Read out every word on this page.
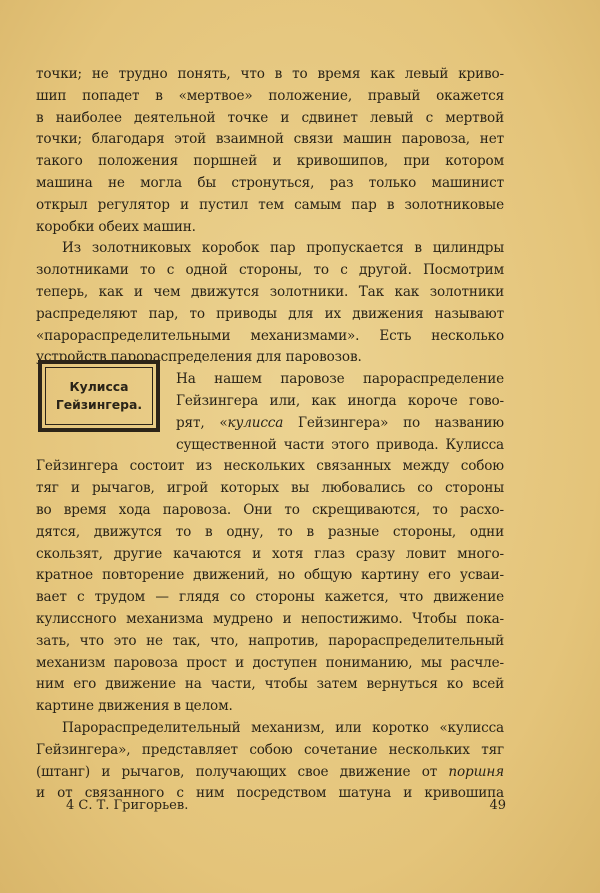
точки; не трудно понять, что в то время как левый криво-
шип попадет в «мертвое» положение, правый окажется
в наиболее деятельной точке и сдвинет левый с мертвой
точки; благодаря этой взаимной связи машин паровоза, нет
такого положения поршней и кривошипов, при котором
машина не могла бы стронуться, раз только машинист
открыл регулятор и пустил тем самым пар в золотниковые
коробки обеих машин.
Из золотниковых коробок пар пропускается в цилиндры
золотниками то с одной стороны, то с другой. Посмотрим
теперь, как и чем движутся золотники. Так как золотники
распределяют пар, то приводы для их движения называют
«парораспределительными механизмами». Есть несколько
устройств парораспределения для паровозов.
Кулисса
Гейзингера.
На нашем паровозе парораспределение
Гейзингера или, как иногда короче гово-
рят, «кулисса Гейзингера» по названию
существенной части этого привода. Кулисса
Гейзингера состоит из нескольких связанных между собою
тяг и рычагов, игрой которых вы любовались со стороны
во время хода паровоза. Они то скрещиваются, то расхо-
дятся, движутся то в одну, то в разные стороны, одни
скользят, другие качаются и хотя глаз сразу ловит много-
кратное повторение движений, но общую картину его усваи-
вает с трудом — глядя со стороны кажется, что движение
кулиссного механизма мудрено и непостижимо. Чтобы пока-
зать, что это не так, что, напротив, парораспределительный
механизм паровоза прост и доступен пониманию, мы расчле-
ним его движение на части, чтобы затем вернуться ко всей
картине движения в целом.
Парораспределительный механизм, или коротко «кулисса
Гейзингера», представляет собою сочетание нескольких тяг
(штанг) и рычагов, получающих свое движение от поршня
и от связанного с ним посредством шатуна и кривошипа
4 С. Т. Григорьев.	49
